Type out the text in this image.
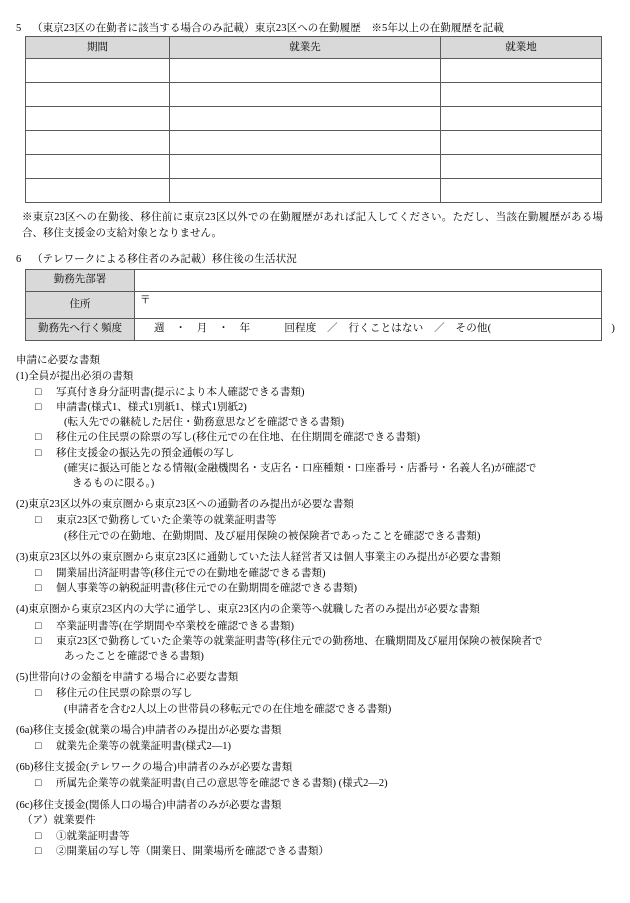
5 （東京23区の在勤者に該当する場合のみ記載）東京23区への在勤履歴　※5年以上の在勤履歴を記載
期間	就業先	就業地

※東京23区への在勤後、移住前に東京23区以外での在勤履歴があれば記入してください。ただし、当該在勤履歴がある場合、移住支援金の支給対象となりません。

6 （テレワークによる移住者のみ記載）移住後の生活状況
勤務先部署	
住所	〒
勤務先へ行く頻度	週　・　月　・　年 回程度　／　行くことはない　／　その他( )
申請に必要な書類
(1)全員が提出必須の書類
□	写真付き身分証明書(提示により本人確認できる書類)
□	申請書(様式1、様式1別紙1、様式1別紙2)
(転入先での継続した居住・勤務意思などを確認できる書類)
□	移住元の住民票の除票の写し(移住元での在住地、在住期間を確認できる書類)
□	移住支援金の振込先の預金通帳の写し
(確実に振込可能となる情報(金融機関名・支店名・口座種類・口座番号・店番号・名義人名)が確認で
きるものに限る。)
(2)東京23区以外の東京圏から東京23区への通勤者のみ提出が必要な書類
□	東京23区で勤務していた企業等の就業証明書等
(移住元での在勤地、在勤期間、及び雇用保険の被保険者であったことを確認できる書類)
(3)東京23区以外の東京圏から東京23区に通勤していた法人経営者又は個人事業主のみ提出が必要な書類
□	開業届出済証明書等(移住元での在勤地を確認できる書類)
□	個人事業等の納税証明書(移住元での在勤期間を確認できる書類)
(4)東京圏から東京23区内の大学に通学し、東京23区内の企業等へ就職した者のみ提出が必要な書類
□	卒業証明書等(在学期間や卒業校を確認できる書類)
□	東京23区で勤務していた企業等の就業証明書等(移住元での勤務地、在職期間及び雇用保険の被保険者で
あったことを確認できる書類)
(5)世帯向けの金額を申請する場合に必要な書類
□	移住元の住民票の除票の写し
(申請者を含む2人以上の世帯員の移転元での在住地を確認できる書類)
(6a)移住支援金(就業の場合)申請者のみ提出が必要な書類
□	就業先企業等の就業証明書(様式2—1)
(6b)移住支援金(テレワークの場合)申請者のみが必要な書類
□	所属先企業等の就業証明書(自己の意思等を確認できる書類) (様式2—2)
(6c)移住支援金(関係人口の場合)申請者のみが必要な書類
（ア）就業要件
□	①就業証明書等
□	②開業届の写し等（開業日、開業場所を確認できる書類）
